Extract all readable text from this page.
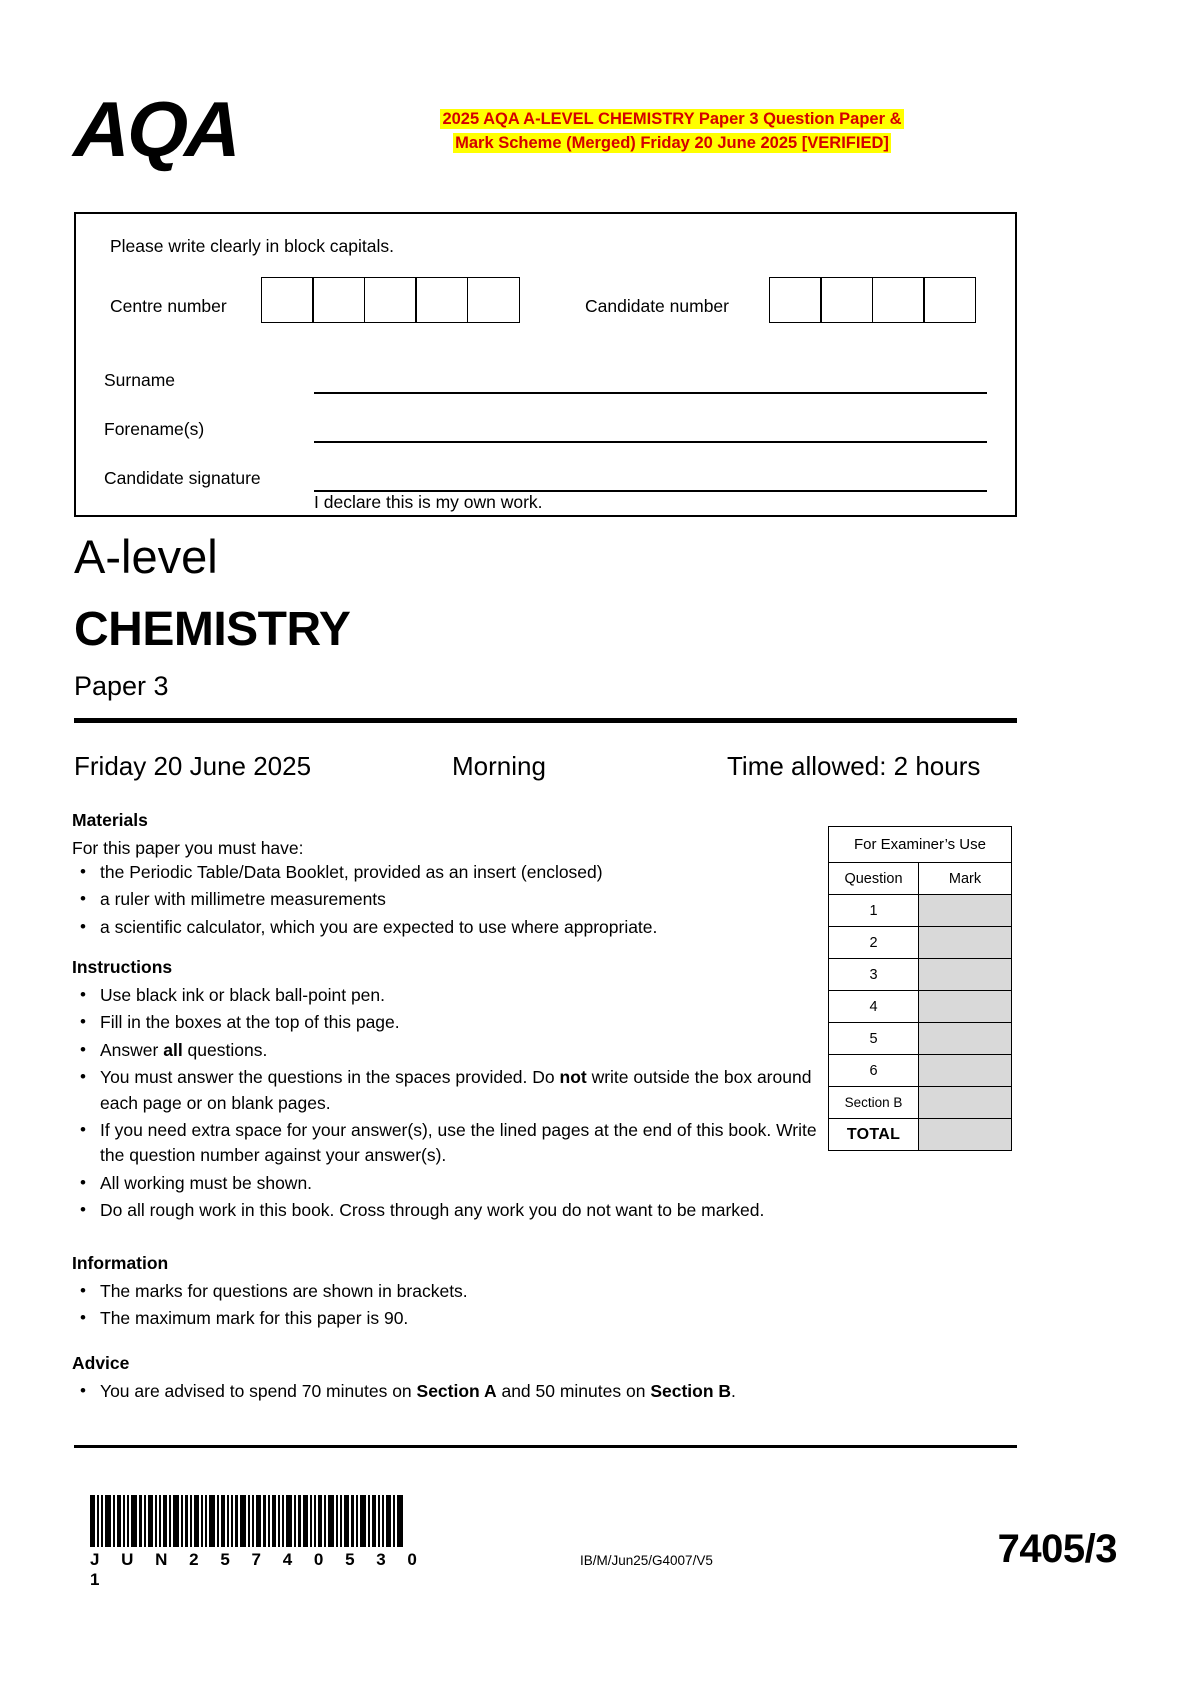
AQA	2025 AQA A-LEVEL CHEMISTRY Paper 3 Question Paper &
Mark Scheme (Merged) Friday 20 June 2025 [VERIFIED]
Please write clearly in block capitals.
Centre number	Candidate number
Surname
Forename(s)
Candidate signature
I declare this is my own work.
A-level
CHEMISTRY
Paper 3
Friday 20 June 2025	Morning	Time allowed: 2 hours
Materials
For this paper you must have:
• the Periodic Table/Data Booklet, provided as an insert (enclosed)
• a ruler with millimetre measurements
• a scientific calculator, which you are expected to use where appropriate.
Instructions
• Use black ink or black ball-point pen.
• Fill in the boxes at the top of this page.
• Answer all questions.
• You must answer the questions in the spaces provided. Do not write outside the box around each page or on blank pages.
• If you need extra space for your answer(s), use the lined pages at the end of this book. Write the question number against your answer(s).
• All working must be shown.
• Do all rough work in this book. Cross through any work you do not want to be marked.
Information
• The marks for questions are shown in brackets.
• The maximum mark for this paper is 90.
Advice
• You are advised to spend 70 minutes on Section A and 50 minutes on Section B.
For Examiner’s Use	
Question	Mark
1	
2	
3	
4	
5	
6	
Section B	
TOTAL	
J U N 2 5 7 4 0 5 3 0 1
IB/M/Jun25/G4007/V5	7405/3
